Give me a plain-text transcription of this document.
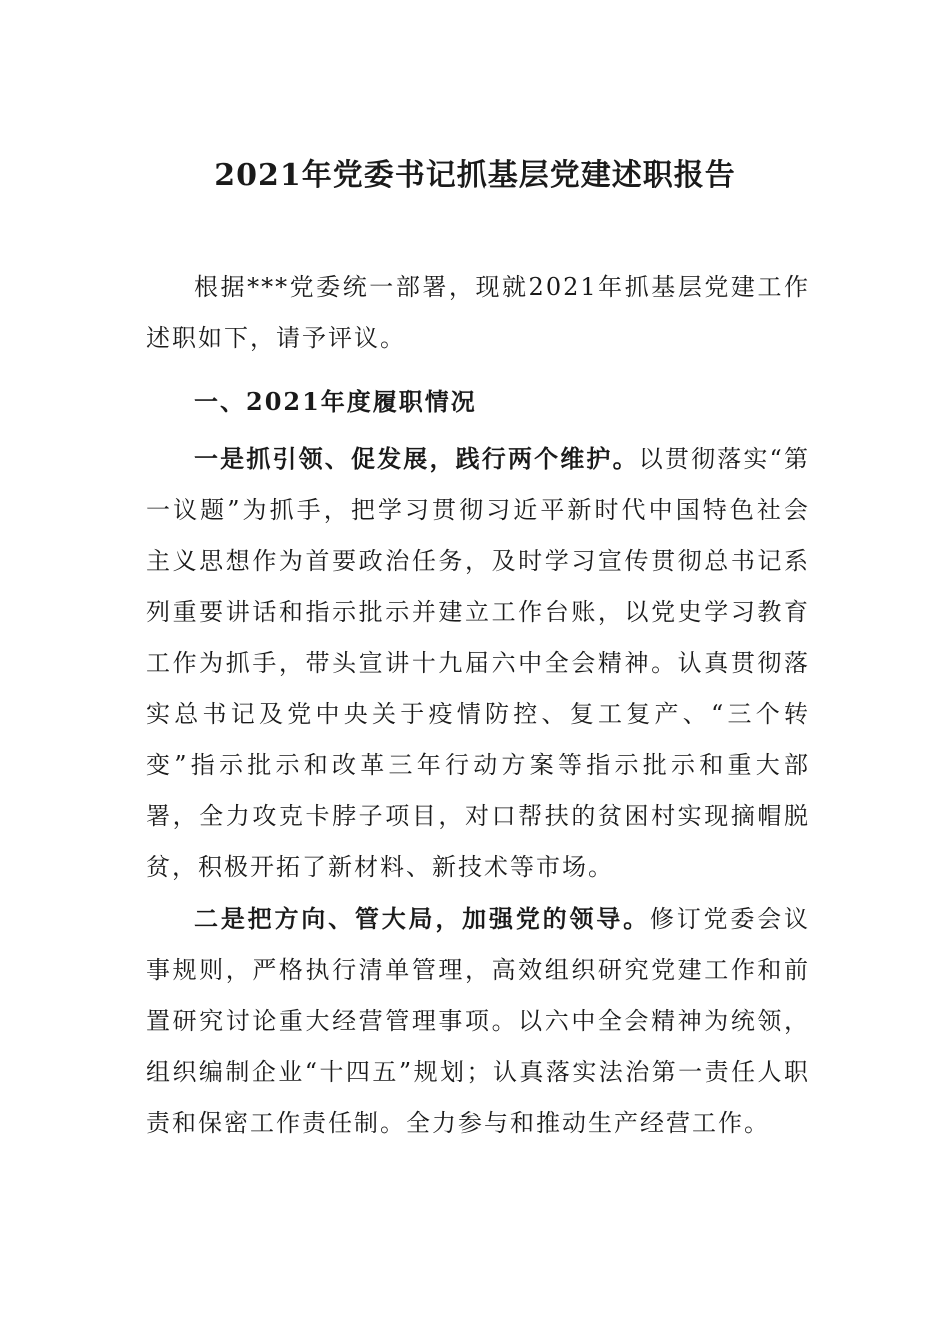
2021年党委书记抓基层党建述职报告

根据***党委统一部署，现就2021年抓基层党建工作述职如下，请予评议。

一、2021年度履职情况

一是抓引领、促发展，践行两个维护。以贯彻落实“第一议题”为抓手，把学习贯彻习近平新时代中国特色社会主义思想作为首要政治任务，及时学习宣传贯彻总书记系列重要讲话和指示批示并建立工作台账，以党史学习教育工作为抓手，带头宣讲十九届六中全会精神。认真贯彻落实总书记及党中央关于疫情防控、复工复产、“三个转变”指示批示和改革三年行动方案等指示批示和重大部署，全力攻克卡脖子项目，对口帮扶的贫困村实现摘帽脱贫，积极开拓了新材料、新技术等市场。

二是把方向、管大局，加强党的领导。修订党委会议事规则，严格执行清单管理，高效组织研究党建工作和前置研究讨论重大经营管理事项。以六中全会精神为统领，组织编制企业“十四五”规划；认真落实法治第一责任人职责和保密工作责任制。全力参与和推动生产经营工作。
